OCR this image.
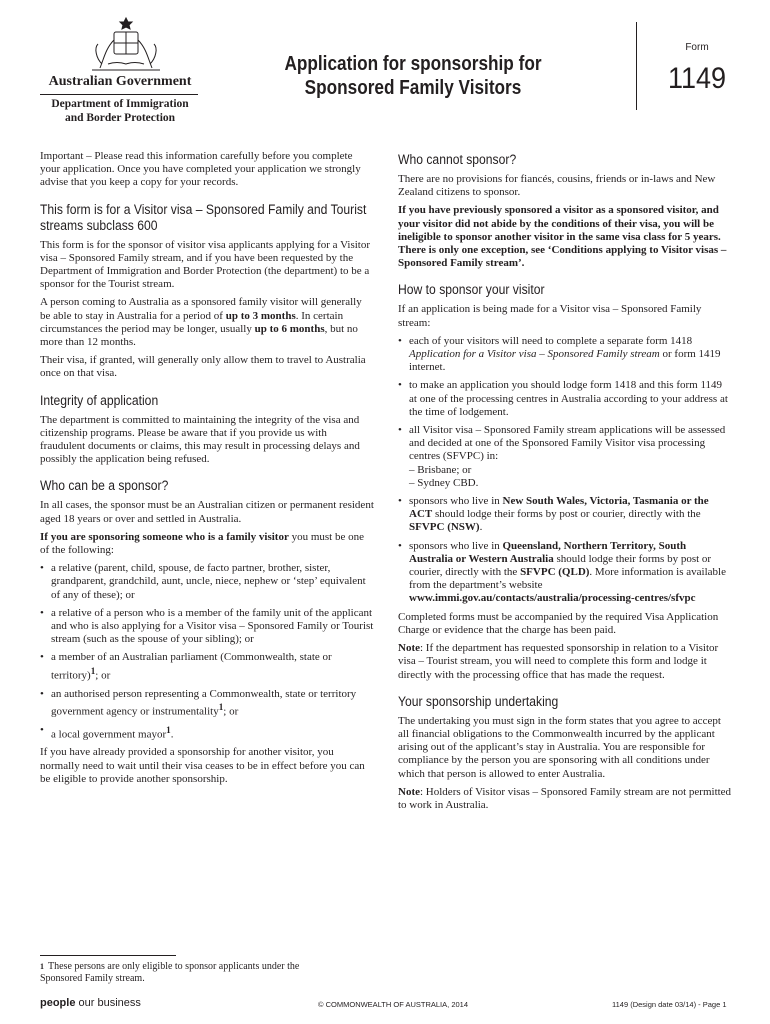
Australian Government
Department of Immigration
and Border Protection
Application for sponsorship for
Sponsored Family Visitors
Form
1149

Important – Please read this information carefully before you complete your application. Once you have completed your application we strongly advise that you keep a copy for your records.

This form is for a Visitor visa – Sponsored Family and Tourist streams subclass 600

This form is for the sponsor of visitor visa applicants applying for a Visitor visa – Sponsored Family stream, and if you have been requested by the Department of Immigration and Border Protection (the department) to be a sponsor for the Tourist stream.

A person coming to Australia as a sponsored family visitor will generally be able to stay in Australia for a period of up to 3 months. In certain circumstances the period may be longer, usually up to 6 months, but no more than 12 months.

Their visa, if granted, will generally only allow them to travel to Australia once on that visa.

Integrity of application

The department is committed to maintaining the integrity of the visa and citizenship programs. Please be aware that if you provide us with fraudulent documents or claims, this may result in processing delays and possibly the application being refused.

Who can be a sponsor?

In all cases, the sponsor must be an Australian citizen or permanent resident aged 18 years or over and settled in Australia.

If you are sponsoring someone who is a family visitor you must be one of the following:

• a relative (parent, child, spouse, de facto partner, brother, sister, grandparent, grandchild, aunt, uncle, niece, nephew or ‘step’ equivalent of any of these); or
• a relative of a person who is a member of the family unit of the applicant and who is also applying for a Visitor visa – Sponsored Family or Tourist stream (such as the spouse of your sibling); or
• a member of an Australian parliament (Commonwealth, state or territory)$^1$; or
• an authorised person representing a Commonwealth, state or territory government agency or instrumentality$^1$; or
• a local government mayor$^1$.

If you have already provided a sponsorship for another visitor, you normally need to wait until their visa ceases to be in effect before you can be eligible to provide another sponsorship.

Who cannot sponsor?

There are no provisions for fiancés, cousins, friends or in-laws and New Zealand citizens to sponsor.

If you have previously sponsored a visitor as a sponsored visitor, and your visitor did not abide by the conditions of their visa, you will be ineligible to sponsor another visitor in the same visa class for 5 years. There is only one exception, see ‘Conditions applying to Visitor visas – Sponsored Family stream’.

How to sponsor your visitor

If an application is being made for a Visitor visa – Sponsored Family stream:

• each of your visitors will need to complete a separate form 1418 Application for a Visitor visa – Sponsored Family stream or form 1419 internet.
• to make an application you should lodge form 1418 and this form 1149 at one of the processing centres in Australia according to your address at the time of lodgement.
• all Visitor visa – Sponsored Family stream applications will be assessed and decided at one of the Sponsored Family Visitor visa processing centres (SFVPC) in:
– Brisbane; or
– Sydney CBD.
• sponsors who live in New South Wales, Victoria, Tasmania or the ACT should lodge their forms by post or courier, directly with the SFVPC (NSW).
• sponsors who live in Queensland, Northern Territory, South Australia or Western Australia should lodge their forms by post or courier, directly with the SFVPC (QLD). More information is available from the department’s website www.immi.gov.au/contacts/australia/processing-centres/sfvpc

Completed forms must be accompanied by the required Visa Application Charge or evidence that the charge has been paid.

Note: If the department has requested sponsorship in relation to a Visitor visa – Tourist stream, you will need to complete this form and lodge it directly with the processing office that has made the request.

Your sponsorship undertaking

The undertaking you must sign in the form states that you agree to accept all financial obligations to the Commonwealth incurred by the applicant arising out of the applicant’s stay in Australia. You are responsible for compliance by the person you are sponsoring with all conditions under which that person is allowed to enter Australia.

Note: Holders of Visitor visas – Sponsored Family stream are not permitted to work in Australia.

$^1$ These persons are only eligible to sponsor applicants under the Sponsored Family stream.
people our business	© COMMONWEALTH OF AUSTRALIA, 2014	1149 (Design date 03/14) - Page 1
